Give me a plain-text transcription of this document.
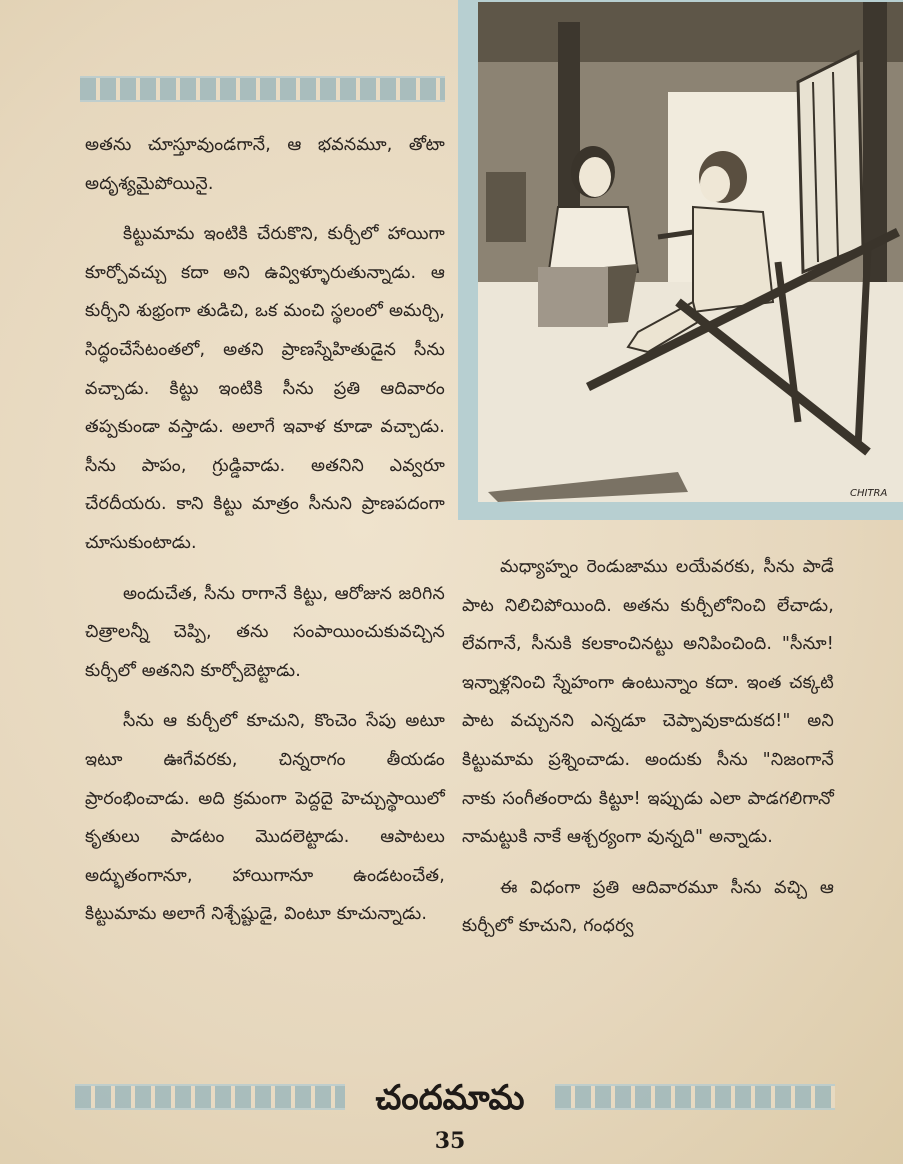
CHITRA

అతను చూస్తూవుండగానే, ఆ భవనమూ, తోటా అదృశ్యమైపోయినై.

కిట్టుమామ ఇంటికి చేరుకొని, కుర్చీలో హాయిగా కూర్చోవచ్చు కదా అని ఉవ్విళ్ళూరుతున్నాడు. ఆ కుర్చీని శుభ్రంగా తుడిచి, ఒక మంచి స్థలంలో అమర్చి, సిద్ధంచేసేటంతలో, అతని ప్రాణస్నేహితుడైన సీను వచ్చాడు. కిట్టు ఇంటికి సీను ప్రతి ఆదివారం తప్పకుండా వస్తాడు. అలాగే ఇవాళ కూడా వచ్చాడు. సీను పాపం, గ్రుడ్డివాడు. అతనిని ఎవ్వరూ చేరదీయరు. కాని కిట్టు మాత్రం సీనుని ప్రాణపదంగా చూసుకుంటాడు.

అందుచేత, సీను రాగానే కిట్టు, ఆరోజున జరిగిన చిత్రాలన్నీ చెప్పి, తను సంపాయించుకువచ్చిన కుర్చీలో అతనిని కూర్చోబెట్టాడు.

సీను ఆ కుర్చీలో కూచుని, కొంచెం సేపు అటూ ఇటూ ఊగేవరకు, చిన్నరాగం తీయడం ప్రారంభించాడు. అది క్రమంగా పెద్దదై హెచ్చుస్థాయిలో కృతులు పాడటం మొదలెట్టాడు. ఆపాటలు అద్భుతంగానూ, హాయిగానూ ఉండటంచేత, కిట్టుమామ అలాగే నిశ్చేష్టుడై, వింటూ కూచున్నాడు.

మధ్యాహ్నం రెండుజాము లయేవరకు, సీను పాడే పాట నిలిచిపోయింది. అతను కుర్చీలోనించి లేచాడు, లేవగానే, సీనుకి కలకాంచినట్టు అనిపించింది. "సీనూ! ఇన్నాళ్లనించి స్నేహంగా ఉంటున్నాం కదా. ఇంత చక్కటి పాట వచ్చునని ఎన్నడూ చెప్పావుకాదుకద!" అని కిట్టుమామ ప్రశ్నించాడు. అందుకు సీను "నిజంగానే నాకు సంగీతంరాదు కిట్టూ! ఇప్పుడు ఎలా పాడగలిగానో నామట్టుకి నాకే ఆశ్చర్యంగా వున్నది" అన్నాడు.

ఈ విధంగా ప్రతి ఆదివారమూ సీను వచ్చి ఆ కుర్చీలో కూచుని, గంధర్వ

చందమామ
35
